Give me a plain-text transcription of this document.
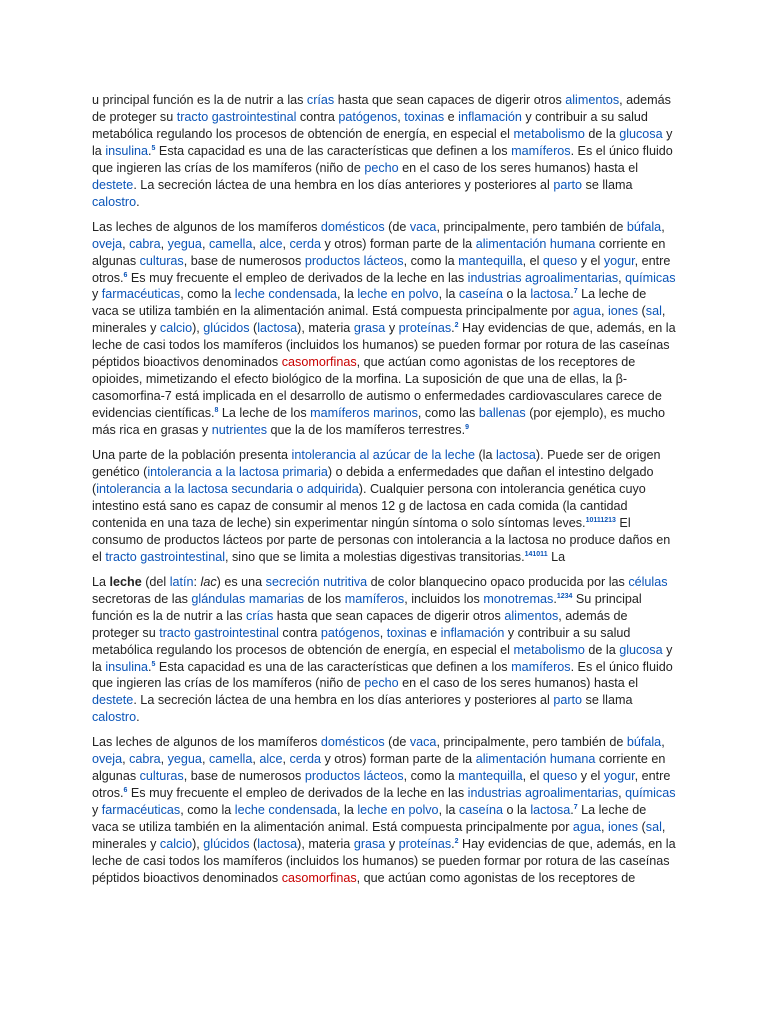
u principal función es la de nutrir a las crías hasta que sean capaces de digerir otros alimentos, además de proteger su tracto gastrointestinal contra patógenos, toxinas e inflamación y contribuir a su salud metabólica regulando los procesos de obtención de energía, en especial el metabolismo de la glucosa y la insulina.$^5$ Esta capacidad es una de las características que definen a los mamíferos. Es el único fluido que ingieren las crías de los mamíferos (niño de pecho en el caso de los seres humanos) hasta el destete. La secreción láctea de una hembra en los días anteriores y posteriores al parto se llama calostro.

Las leches de algunos de los mamíferos domésticos (de vaca, principalmente, pero también de búfala, oveja, cabra, yegua, camella, alce, cerda y otros) forman parte de la alimentación humana corriente en algunas culturas, base de numerosos productos lácteos, como la mantequilla, el queso y el yogur, entre otros.$^6$ Es muy frecuente el empleo de derivados de la leche en las industrias agroalimentarias, químicas y farmacéuticas, como la leche condensada, la leche en polvo, la caseína o la lactosa.$^7$ La leche de vaca se utiliza también en la alimentación animal. Está compuesta principalmente por agua, iones (sal, minerales y calcio), glúcidos (lactosa), materia grasa y proteínas.$^2$ Hay evidencias de que, además, en la leche de casi todos los mamíferos (incluidos los humanos) se pueden formar por rotura de las caseínas péptidos bioactivos denominados casomorfinas, que actúan como agonistas de los receptores de opioides, mimetizando el efecto biológico de la morfina. La suposición de que una de ellas, la β-casomorfina-7 está implicada en el desarrollo de autismo o enfermedades cardiovasculares carece de evidencias científicas.$^8$ La leche de los mamíferos marinos, como las ballenas (por ejemplo), es mucho más rica en grasas y nutrientes que la de los mamíferos terrestres.$^9$

Una parte de la población presenta intolerancia al azúcar de la leche (la lactosa). Puede ser de origen genético (intolerancia a la lactosa primaria) o debida a enfermedades que dañan el intestino delgado (intolerancia a la lactosa secundaria o adquirida). Cualquier persona con intolerancia genética cuyo intestino está sano es capaz de consumir al menos 12 g de lactosa en cada comida (la cantidad contenida en una taza de leche) sin experimentar ningún síntoma o solo síntomas leves.$^{10111213}$ El consumo de productos lácteos por parte de personas con intolerancia a la lactosa no produce daños en el tracto gastrointestinal, sino que se limita a molestias digestivas transitorias.$^{141011}$ La

La leche (del latín: lac) es una secreción nutritiva de color blanquecino opaco producida por las células secretoras de las glándulas mamarias de los mamíferos, incluidos los monotremas.$^{1234}$ Su principal función es la de nutrir a las crías hasta que sean capaces de digerir otros alimentos, además de proteger su tracto gastrointestinal contra patógenos, toxinas e inflamación y contribuir a su salud metabólica regulando los procesos de obtención de energía, en especial el metabolismo de la glucosa y la insulina.$^5$ Esta capacidad es una de las características que definen a los mamíferos. Es el único fluido que ingieren las crías de los mamíferos (niño de pecho en el caso de los seres humanos) hasta el destete. La secreción láctea de una hembra en los días anteriores y posteriores al parto se llama calostro.

Las leches de algunos de los mamíferos domésticos (de vaca, principalmente, pero también de búfala, oveja, cabra, yegua, camella, alce, cerda y otros) forman parte de la alimentación humana corriente en algunas culturas, base de numerosos productos lácteos, como la mantequilla, el queso y el yogur, entre otros.$^6$ Es muy frecuente el empleo de derivados de la leche en las industrias agroalimentarias, químicas y farmacéuticas, como la leche condensada, la leche en polvo, la caseína o la lactosa.$^7$ La leche de vaca se utiliza también en la alimentación animal. Está compuesta principalmente por agua, iones (sal, minerales y calcio), glúcidos (lactosa), materia grasa y proteínas.$^2$ Hay evidencias de que, además, en la leche de casi todos los mamíferos (incluidos los humanos) se pueden formar por rotura de las caseínas péptidos bioactivos denominados casomorfinas, que actúan como agonistas de los receptores de
